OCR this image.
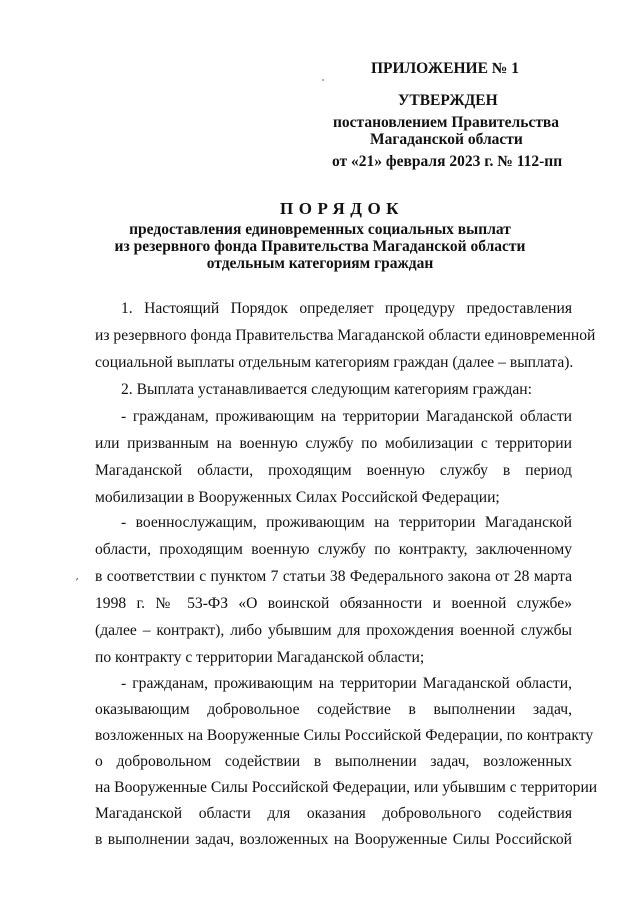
ПРИЛОЖЕНИЕ № 1
УТВЕРЖДЕН
постановлением Правительства
Магаданской области
от «21» февраля 2023 г. № 112-пп
ПОРЯДОК
предоставления единовременных социальных выплат
из резервного фонда Правительства Магаданской области
отдельным категориям граждан
1. Настоящий Порядок определяет процедуру предоставления
из резервного фонда Правительства Магаданской области единовременной
социальной выплаты отдельным категориям граждан (далее – выплата).
2. Выплата устанавливается следующим категориям граждан:
- гражданам, проживающим на территории Магаданской области
или призванным на военную службу по мобилизации с территории
Магаданской области, проходящим военную службу в период
мобилизации в Вооруженных Силах Российской Федерации;
- военнослужащим, проживающим на территории Магаданской
области, проходящим военную службу по контракту, заключенному
в соответствии с пунктом 7 статьи 38 Федерального закона от 28 марта
1998 г. № 53-ФЗ «О воинской обязанности и военной службе»
(далее – контракт), либо убывшим для прохождения военной службы
по контракту с территории Магаданской области;
- гражданам, проживающим на территории Магаданской области,
оказывающим добровольное содействие в выполнении задач,
возложенных на Вооруженные Силы Российской Федерации, по контракту
о добровольном содействии в выполнении задач, возложенных
на Вооруженные Силы Российской Федерации, или убывшим с территории
Магаданской области для оказания добровольного содействия
в выполнении задач, возложенных на Вооруженные Силы Российской
ˊ
